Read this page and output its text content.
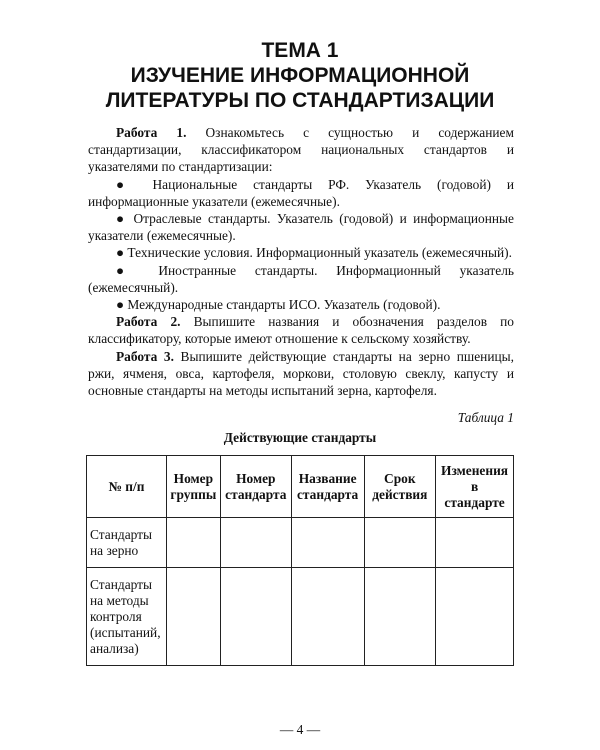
ТЕМА 1
ИЗУЧЕНИЕ ИНФОРМАЦИОННОЙ
ЛИТЕРАТУРЫ ПО СТАНДАРТИЗАЦИИ

Работа 1. Ознакомьтесь с сущностью и содержанием стандартизации, классификатором национальных стандартов и указателями по стандартизации:

● Национальные стандарты РФ. Указатель (годовой) и информационные указатели (ежемесячные).

● Отраслевые стандарты. Указатель (годовой) и информационные указатели (ежемесячные).

● Технические условия. Информационный указатель (ежемесячный).

● Иностранные стандарты. Информационный указатель (ежемесячный).

● Международные стандарты ИСО. Указатель (годовой).

Работа 2. Выпишите названия и обозначения разделов по классификатору, которые имеют отношение к сельскому хозяйству.

Работа 3. Выпишите действующие стандарты на зерно пшеницы, ржи, ячменя, овса, картофеля, моркови, столовую свеклу, капусту и основные стандарты на методы испытаний зерна, картофеля.

Таблица 1
Действующие стандарты
№ п/п	Номер группы	Номер стандарта	Название стандарта	Срок действия	Изменения в стандарте
Стандарты на зерно					
Стандарты на методы контроля (испытаний, анализа)					
— 4 —
